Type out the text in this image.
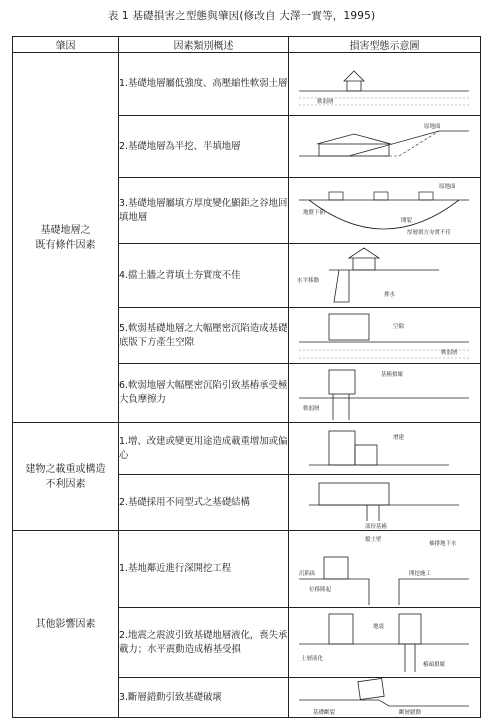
表 1 基礎損害之型態與肇因(修改自 大澤一實等，1995)
肇因	因素類別概述	損害型態示意圖
基礎地層之
既有條件因素	1.基礎地層屬低強度、高壓縮性軟弱土層	軟弱層

	2.基礎地層為半挖、半填地層	原地面

	3.基礎地層屬填方厚度變化顯鉅之谷地回填地層	原地面
地盤下陷
開裂
厚層填方夯實不佳

	4.擋土牆之背填土夯實度不佳	水平移動
排水

	5.軟弱基礎地層之大幅壓密沉陷造成基礎底版下方產生空隙	空隙
軟弱層

	6.軟弱地層大幅壓密沉陷引致基樁承受極大負摩擦力	基樁損壞
軟弱層

建物之載重或構造
不利因素	1.增、改建或變更用途造成載重增加或偏心	增建

	2.基礎採用不同型式之基礎結構	部份基樁

其他影響因素	1.基地鄰近進行深開挖工程	擋土壁
抽排地下水
沉陷區 開挖施工
位移隆起

	2.地震之震波引致基礎地層液化，喪失承載力；水平震動造成樁基受損	地震
土層液化
樁頭損壞

	3.斷層錯動引致基礎破壞	基礎斷裂 斷層錯動
